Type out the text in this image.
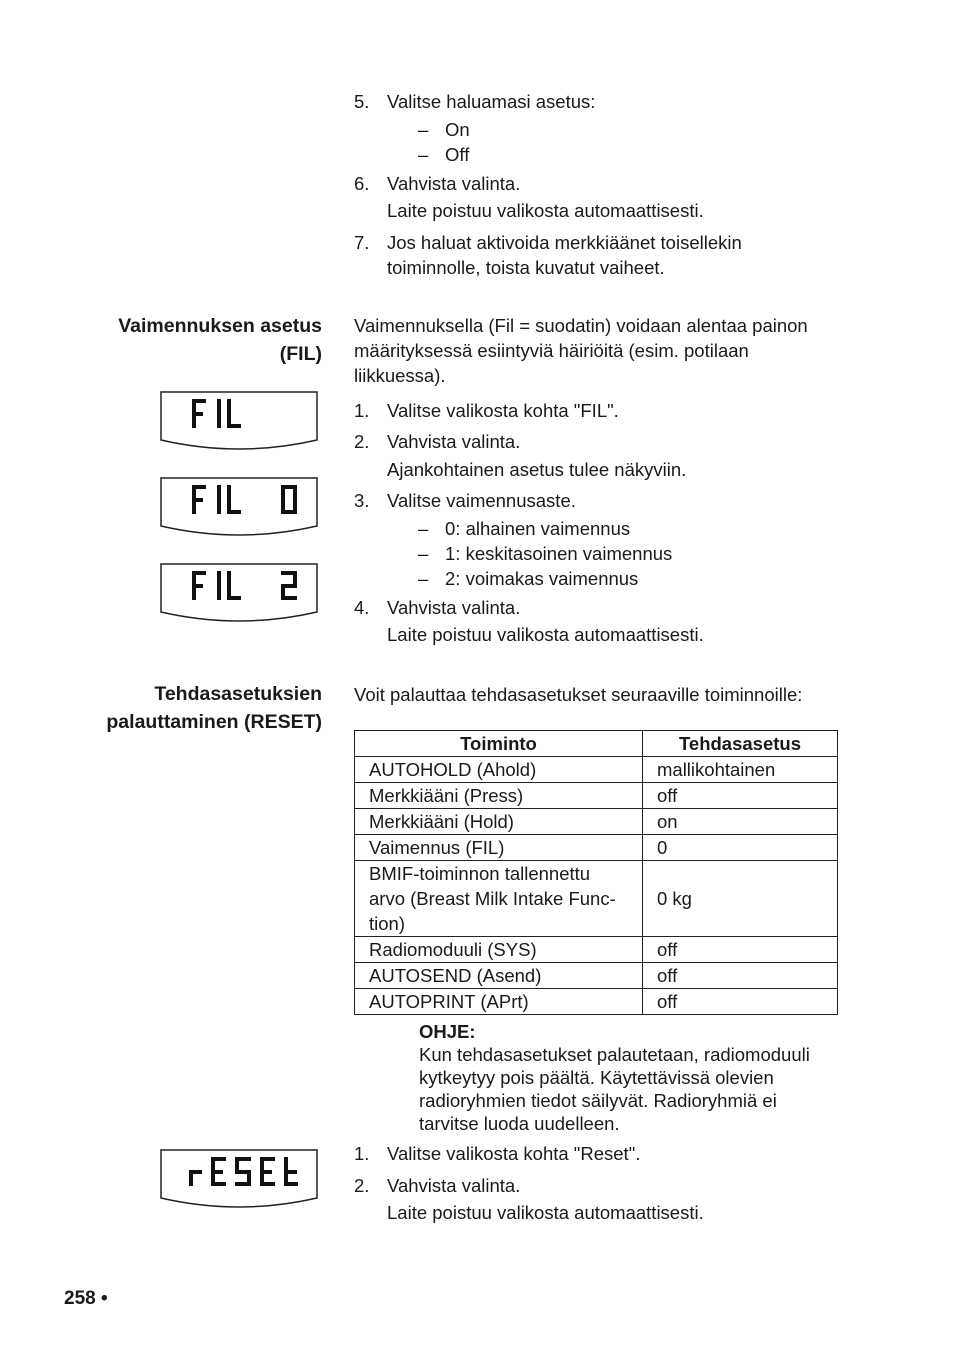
5. Valitse haluamasi asetus:
– On
– Off
6. Vahvista valinta.
Laite poistuu valikosta automaattisesti.
7. Jos haluat aktivoida merkkiäänet toisellekin
toiminnolle, toista kuvatut vaiheet.
Vaimennuksen asetus
(FIL)
Vaimennuksella (Fil = suodatin) voidaan alentaa painon
määrityksessä esiintyviä häiriöitä (esim. potilaan
liikkuessa).
1. Valitse valikosta kohta "FIL".
2. Vahvista valinta.
Ajankohtainen asetus tulee näkyviin.
3. Valitse vaimennusaste.
– 0: alhainen vaimennus
– 1: keskitasoinen vaimennus
– 2: voimakas vaimennus
4. Vahvista valinta.
Laite poistuu valikosta automaattisesti.
Tehdasasetuksien
palauttaminen (RESET)
Voit palauttaa tehdasasetukset seuraaville toiminnoille:
Toiminto	Tehdasasetus
AUTOHOLD (Ahold)	mallikohtainen
Merkkiääni (Press)	off
Merkkiääni (Hold)	on
Vaimennus (FIL)	0
BMIF-toiminnon tallennettu
arvo (Breast Milk Intake Func-
tion)	0 kg
Radiomoduuli (SYS)	off
AUTOSEND (Asend)	off
AUTOPRINT (APrt)	off
OHJE:
Kun tehdasasetukset palautetaan, radiomoduuli
kytkeytyy pois päältä. Käytettävissä olevien
radioryhmien tiedot säilyvät. Radioryhmiä ei
tarvitse luoda uudelleen.
1. Valitse valikosta kohta "Reset".
2. Vahvista valinta.
Laite poistuu valikosta automaattisesti.
258 •
